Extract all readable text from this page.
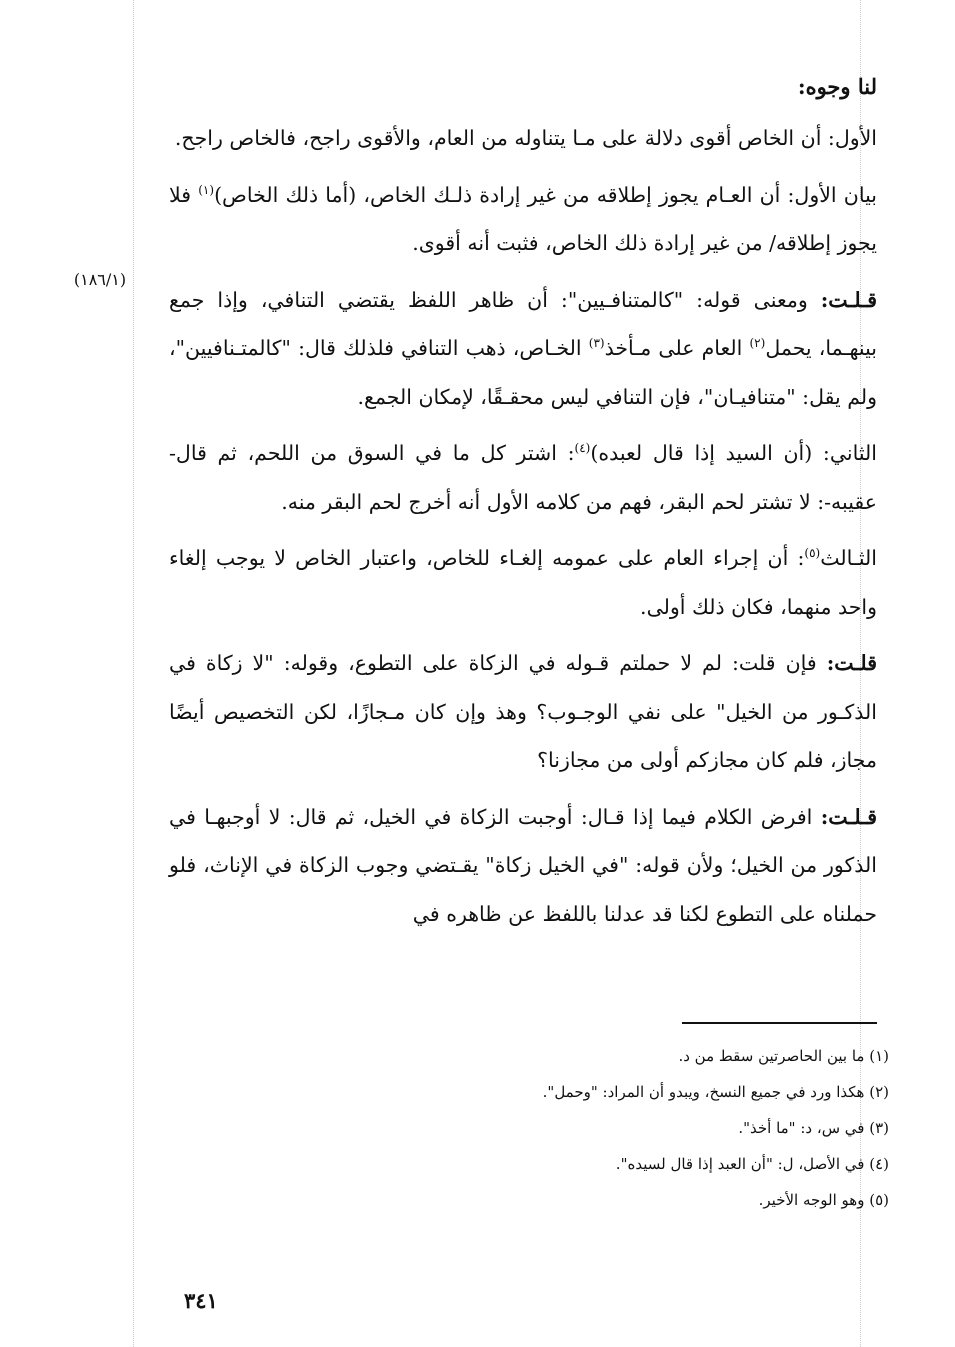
(١٨٦/١)

لنا وجوه:

الأول: أن الخاص أقوى دلالة على مـا يتناوله من العام، والأقوى راجح، فالخاص راجح.

بيان الأول: أن العـام يجوز إطلاقه من غير إرادة ذلـك الخاص، (أما ذلك الخاص)$^{(١)}$ فلا يجوز إطلاقه/ من غير إرادة ذلك الخاص، فثبت أنه أقوى.

قـلـت: ومعنى قوله: "كالمتنافـيين": أن ظاهر اللفظ يقتضي التنافي، وإذا جمع بينهـما، يحمل$^{(٢)}$ العام على مـأخذ$^{(٣)}$ الخـاص، ذهب التنافي فلذلك قال: "كالمتـنافيين"، ولم يقل: "متنافيـان"، فإن التنافي ليس محقـقًا، لإمكان الجمع.

الثاني: (أن السيد إذا قال لعبده)$^{(٤)}$: اشتر كل ما في السوق من اللحم، ثم قال-عقيبه-: لا تشتر لحم البقر، فهم من كلامه الأول أنه أخرج لحم البقر منه.

الثـالث$^{(٥)}$: أن إجراء العام على عمومه إلغـاء للخاص، واعتبار الخاص لا يوجب إلغاء واحد منهما، فكان ذلك أولى.

قلـت: فإن قلت: لم لا حملتم قـوله في الزكاة على التطوع، وقوله: "لا زكاة في الذكـور من الخيل" على نفي الوجـوب؟ وهذ وإن كان مـجازًا، لكن التخصيص أيضًا مجاز، فلم كان مجازكم أولى من مجازنا؟

قـلـت: افرض الكلام فيما إذا قـال: أوجبت الزكاة في الخيل، ثم قال: لا أوجبهـا في الذكور من الخيل؛ ولأن قوله: "في الخيل زكاة" يقـتضي وجوب الزكاة في الإناث، فلو حملناه على التطوع لكنا قد عدلنا باللفظ عن ظاهره في

(١) ما بين الحاصرتين سقط من د.

(٢) هكذا ورد في جميع النسخ، ويبدو أن المراد: "وحمل".

(٣) في س، د: "ما أخذ".

(٤) في الأصل، ل: "أن العبد إذا قال لسيده".

(٥) وهو الوجه الأخير.

٣٤١
